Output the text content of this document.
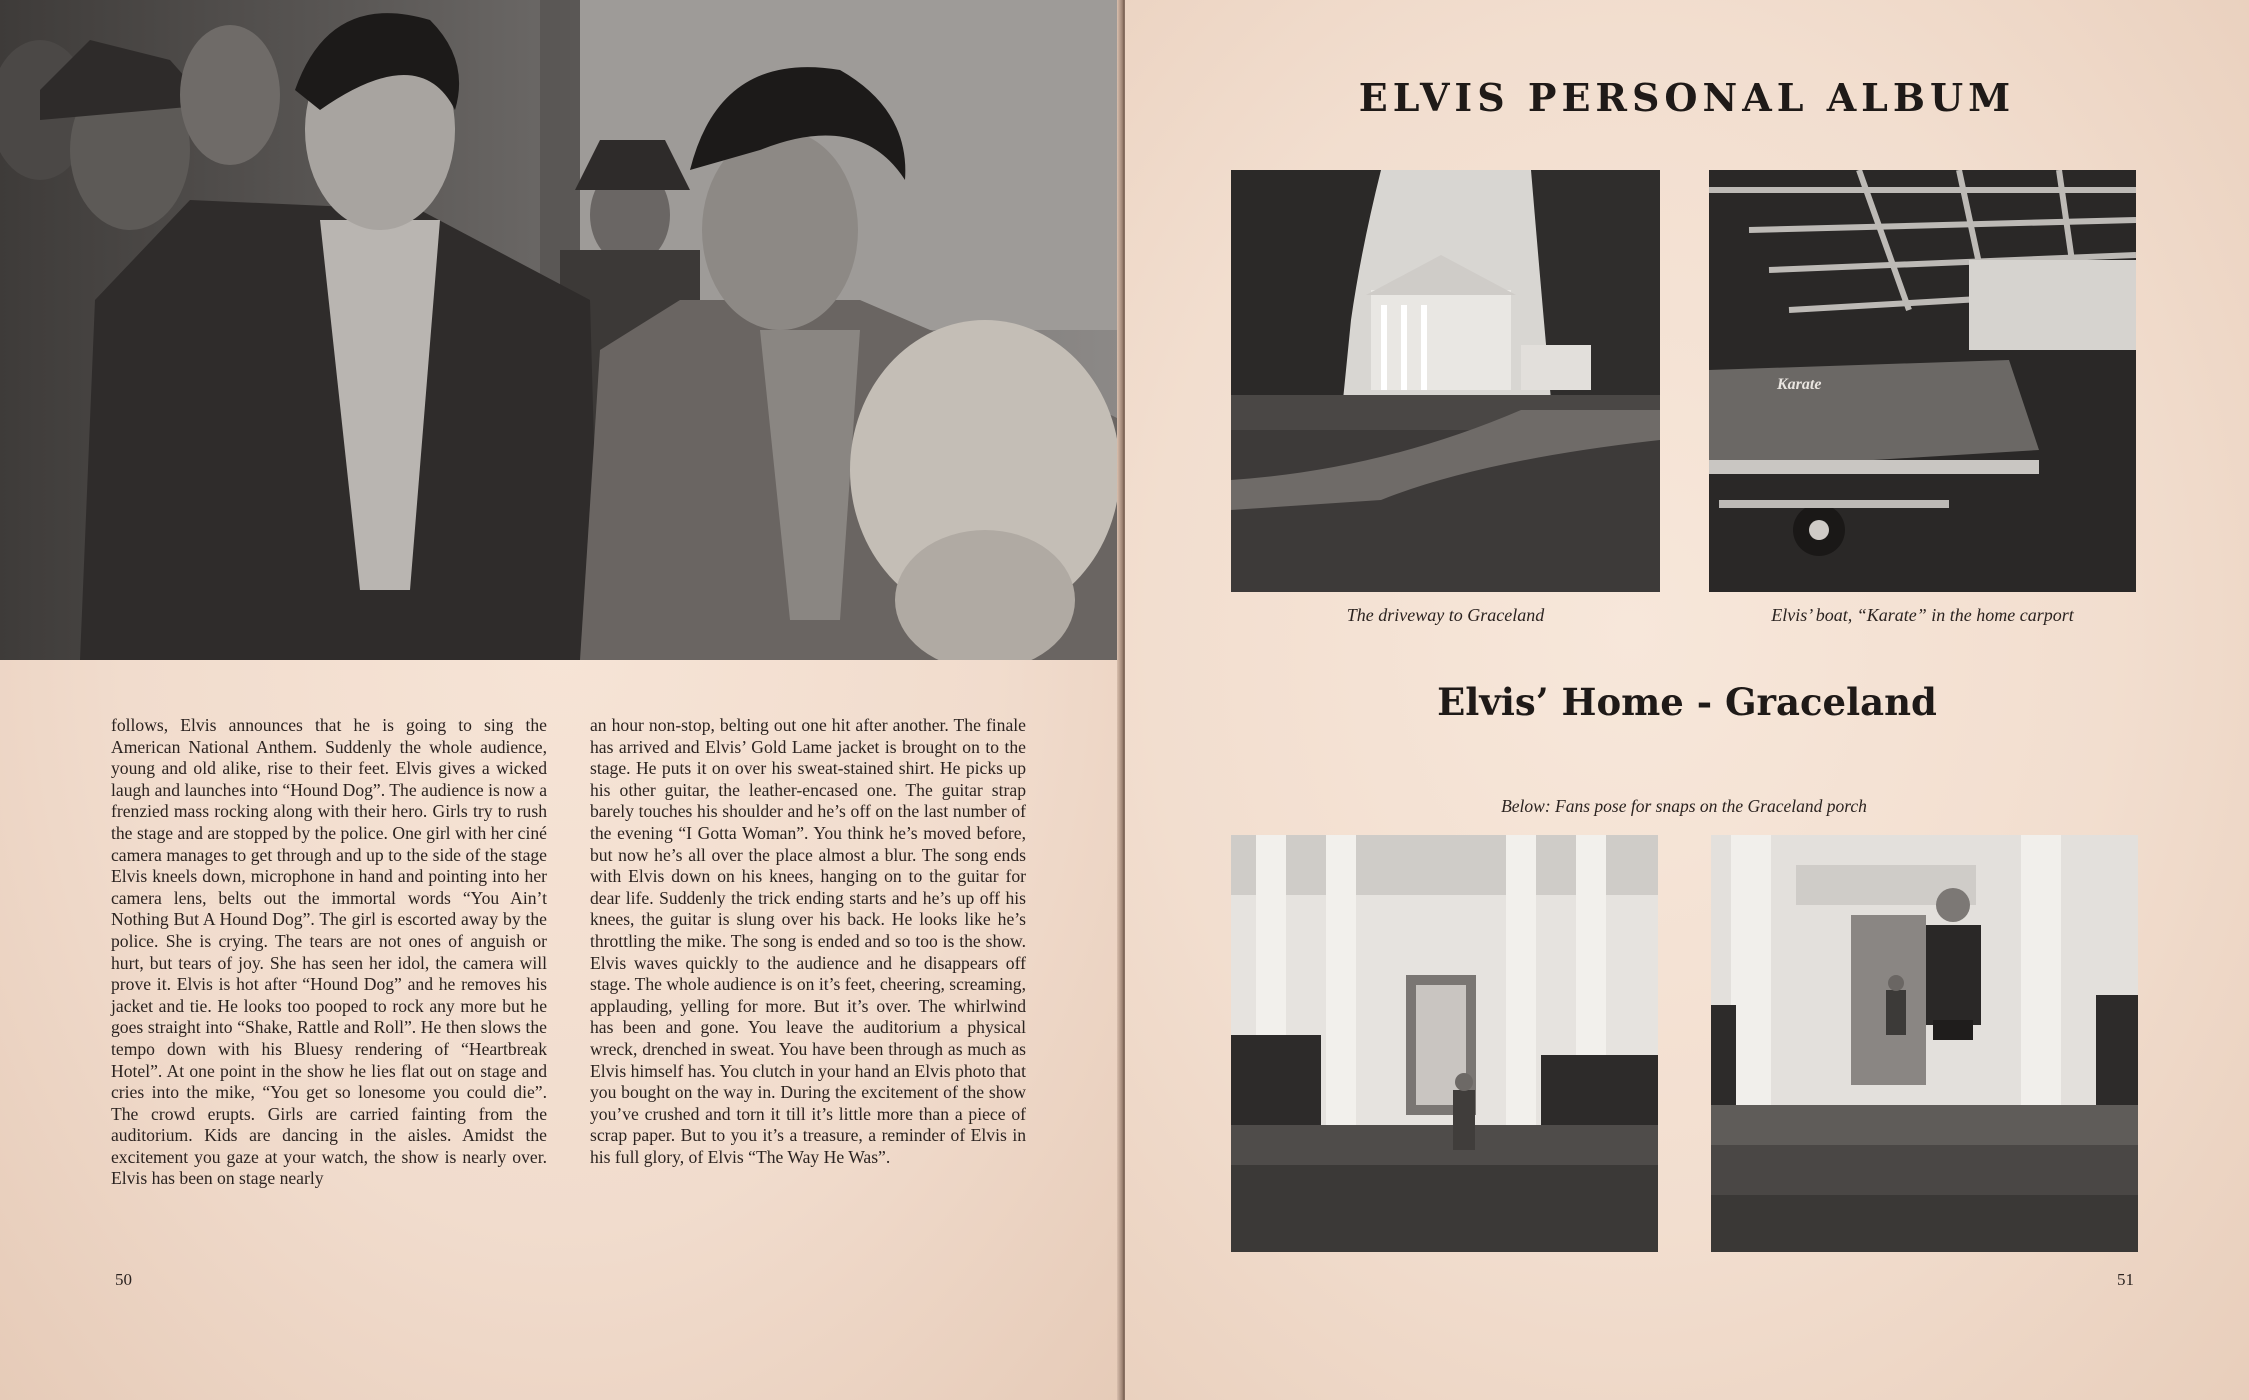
follows, Elvis announces that he is going to sing the American National Anthem. Suddenly the whole audience, young and old alike, rise to their feet. Elvis gives a wicked laugh and launches into “Hound Dog”. The audience is now a frenzied mass rocking along with their hero. Girls try to rush the stage and are stopped by the police. One girl with her ciné camera manages to get through and up to the side of the stage Elvis kneels down, microphone in hand and pointing into her camera lens, belts out the immortal words “You Ain’t Nothing But A Hound Dog”. The girl is escorted away by the police. She is crying. The tears are not ones of anguish or hurt, but tears of joy. She has seen her idol, the camera will prove it. Elvis is hot after “Hound Dog” and he removes his jacket and tie. He looks too pooped to rock any more but he goes straight into “Shake, Rattle and Roll”. He then slows the tempo down with his Bluesy rendering of “Heartbreak Hotel”. At one point in the show he lies flat out on stage and cries into the mike, “You get so lonesome you could die”. The crowd erupts. Girls are carried fainting from the auditorium. Kids are dancing in the aisles. Amidst the excitement you gaze at your watch, the show is nearly over. Elvis has been on stage nearly

an hour non-stop, belting out one hit after another. The finale has arrived and Elvis’ Gold Lame jacket is brought on to the stage. He puts it on over his sweat-stained shirt. He picks up his other guitar, the leather-encased one. The guitar strap barely touches his shoulder and he’s off on the last number of the evening “I Gotta Woman”. You think he’s moved before, but now he’s all over the place almost a blur. The song ends with Elvis down on his knees, hanging on to the guitar for dear life. Suddenly the trick ending starts and he’s up off his knees, the guitar is slung over his back. He looks like he’s throttling the mike. The song is ended and so too is the show. Elvis waves quickly to the audience and he disappears off stage. The whole audience is on it’s feet, cheering, screaming, applauding, yelling for more. But it’s over. The whirlwind has been and gone. You leave the auditorium a physical wreck, drenched in sweat. You have been through as much as Elvis himself has. You clutch in your hand an Elvis photo that you bought on the way in. During the excitement of the show you’ve crushed and torn it till it’s little more than a piece of scrap paper. But to you it’s a treasure, a reminder of Elvis in his full glory, of Elvis “The Way He Was”.

50	51
ELVIS PERSONAL ALBUM
The driveway to Graceland
Karate
Elvis’ boat, “Karate” in the home carport
Elvis’ Home - Graceland
Below: Fans pose for snaps on the Graceland porch
